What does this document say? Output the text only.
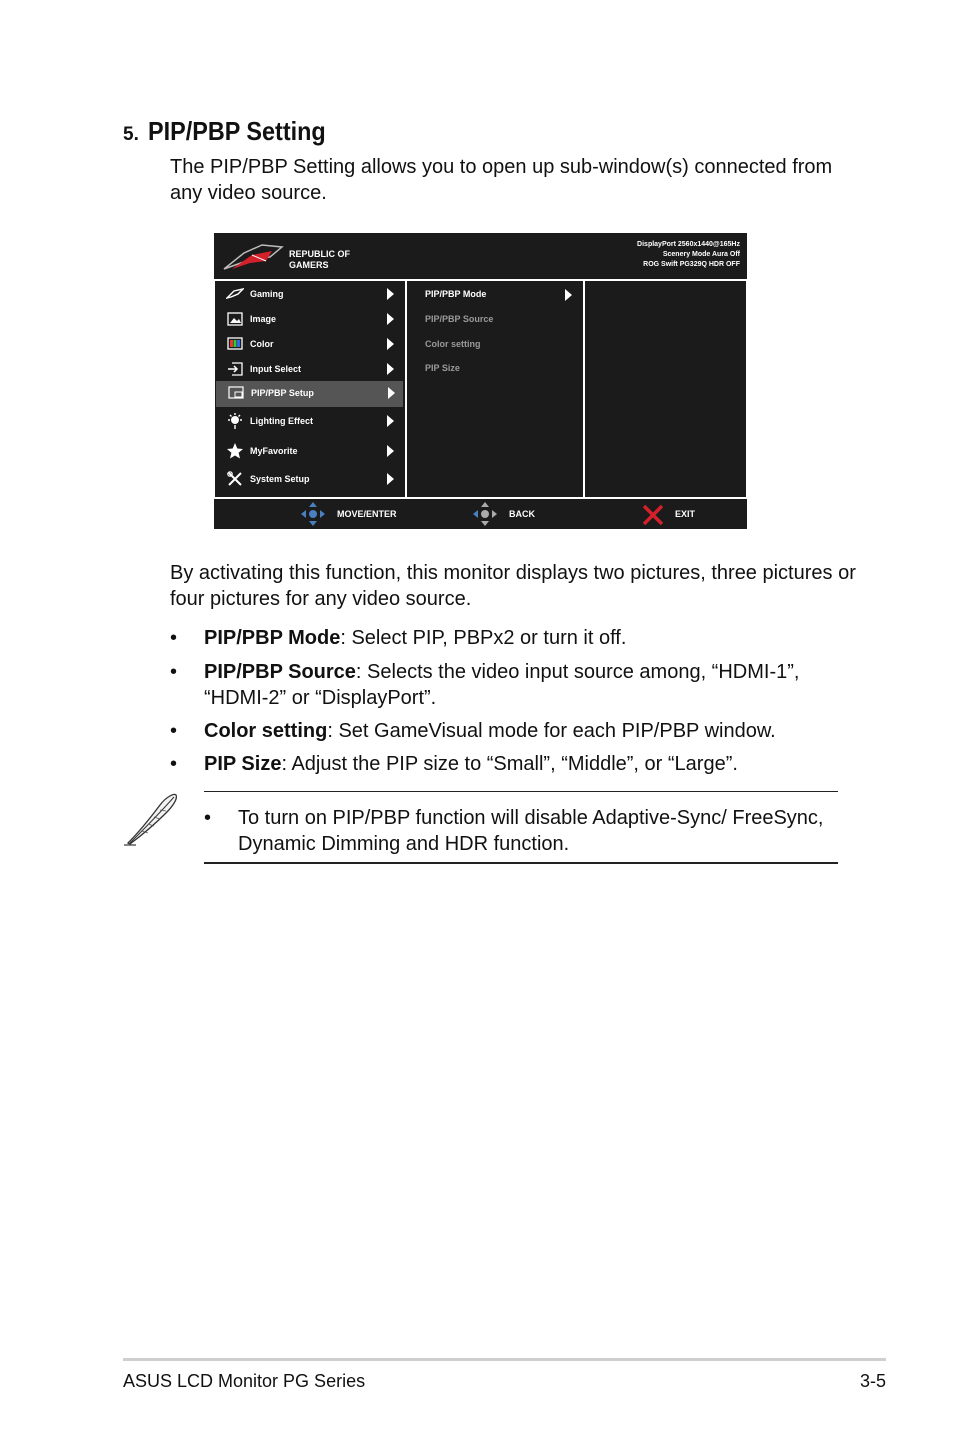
5. PIP/PBP Setting
The PIP/PBP Setting allows you to open up sub-window(s) connected from any video source.
REPUBLIC OF
GAMERS
DisplayPort 2560x1440@165Hz
Scenery Mode Aura Off
ROG Swift PG329Q HDR OFF
Gaming
Image
Color
Input Select
PIP/PBP Setup
Lighting Effect
MyFavorite
System Setup
PIP/PBP Mode
PIP/PBP Source
Color setting
PIP Size
MOVE/ENTER	BACK	EXIT
By activating this function, this monitor displays two pictures, three pictures or four pictures for any video source.
• PIP/PBP Mode: Select PIP, PBPx2 or turn it off.
• PIP/PBP Source: Selects the video input source among, “HDMI-1”, “HDMI-2” or “DisplayPort”.
• Color setting: Set GameVisual mode for each PIP/PBP window.
• PIP Size: Adjust the PIP size to “Small”, “Middle”, or “Large”.
• To turn on PIP/PBP function will disable Adaptive-Sync/ FreeSync, Dynamic Dimming and HDR function.
ASUS LCD Monitor PG Series	3-5
